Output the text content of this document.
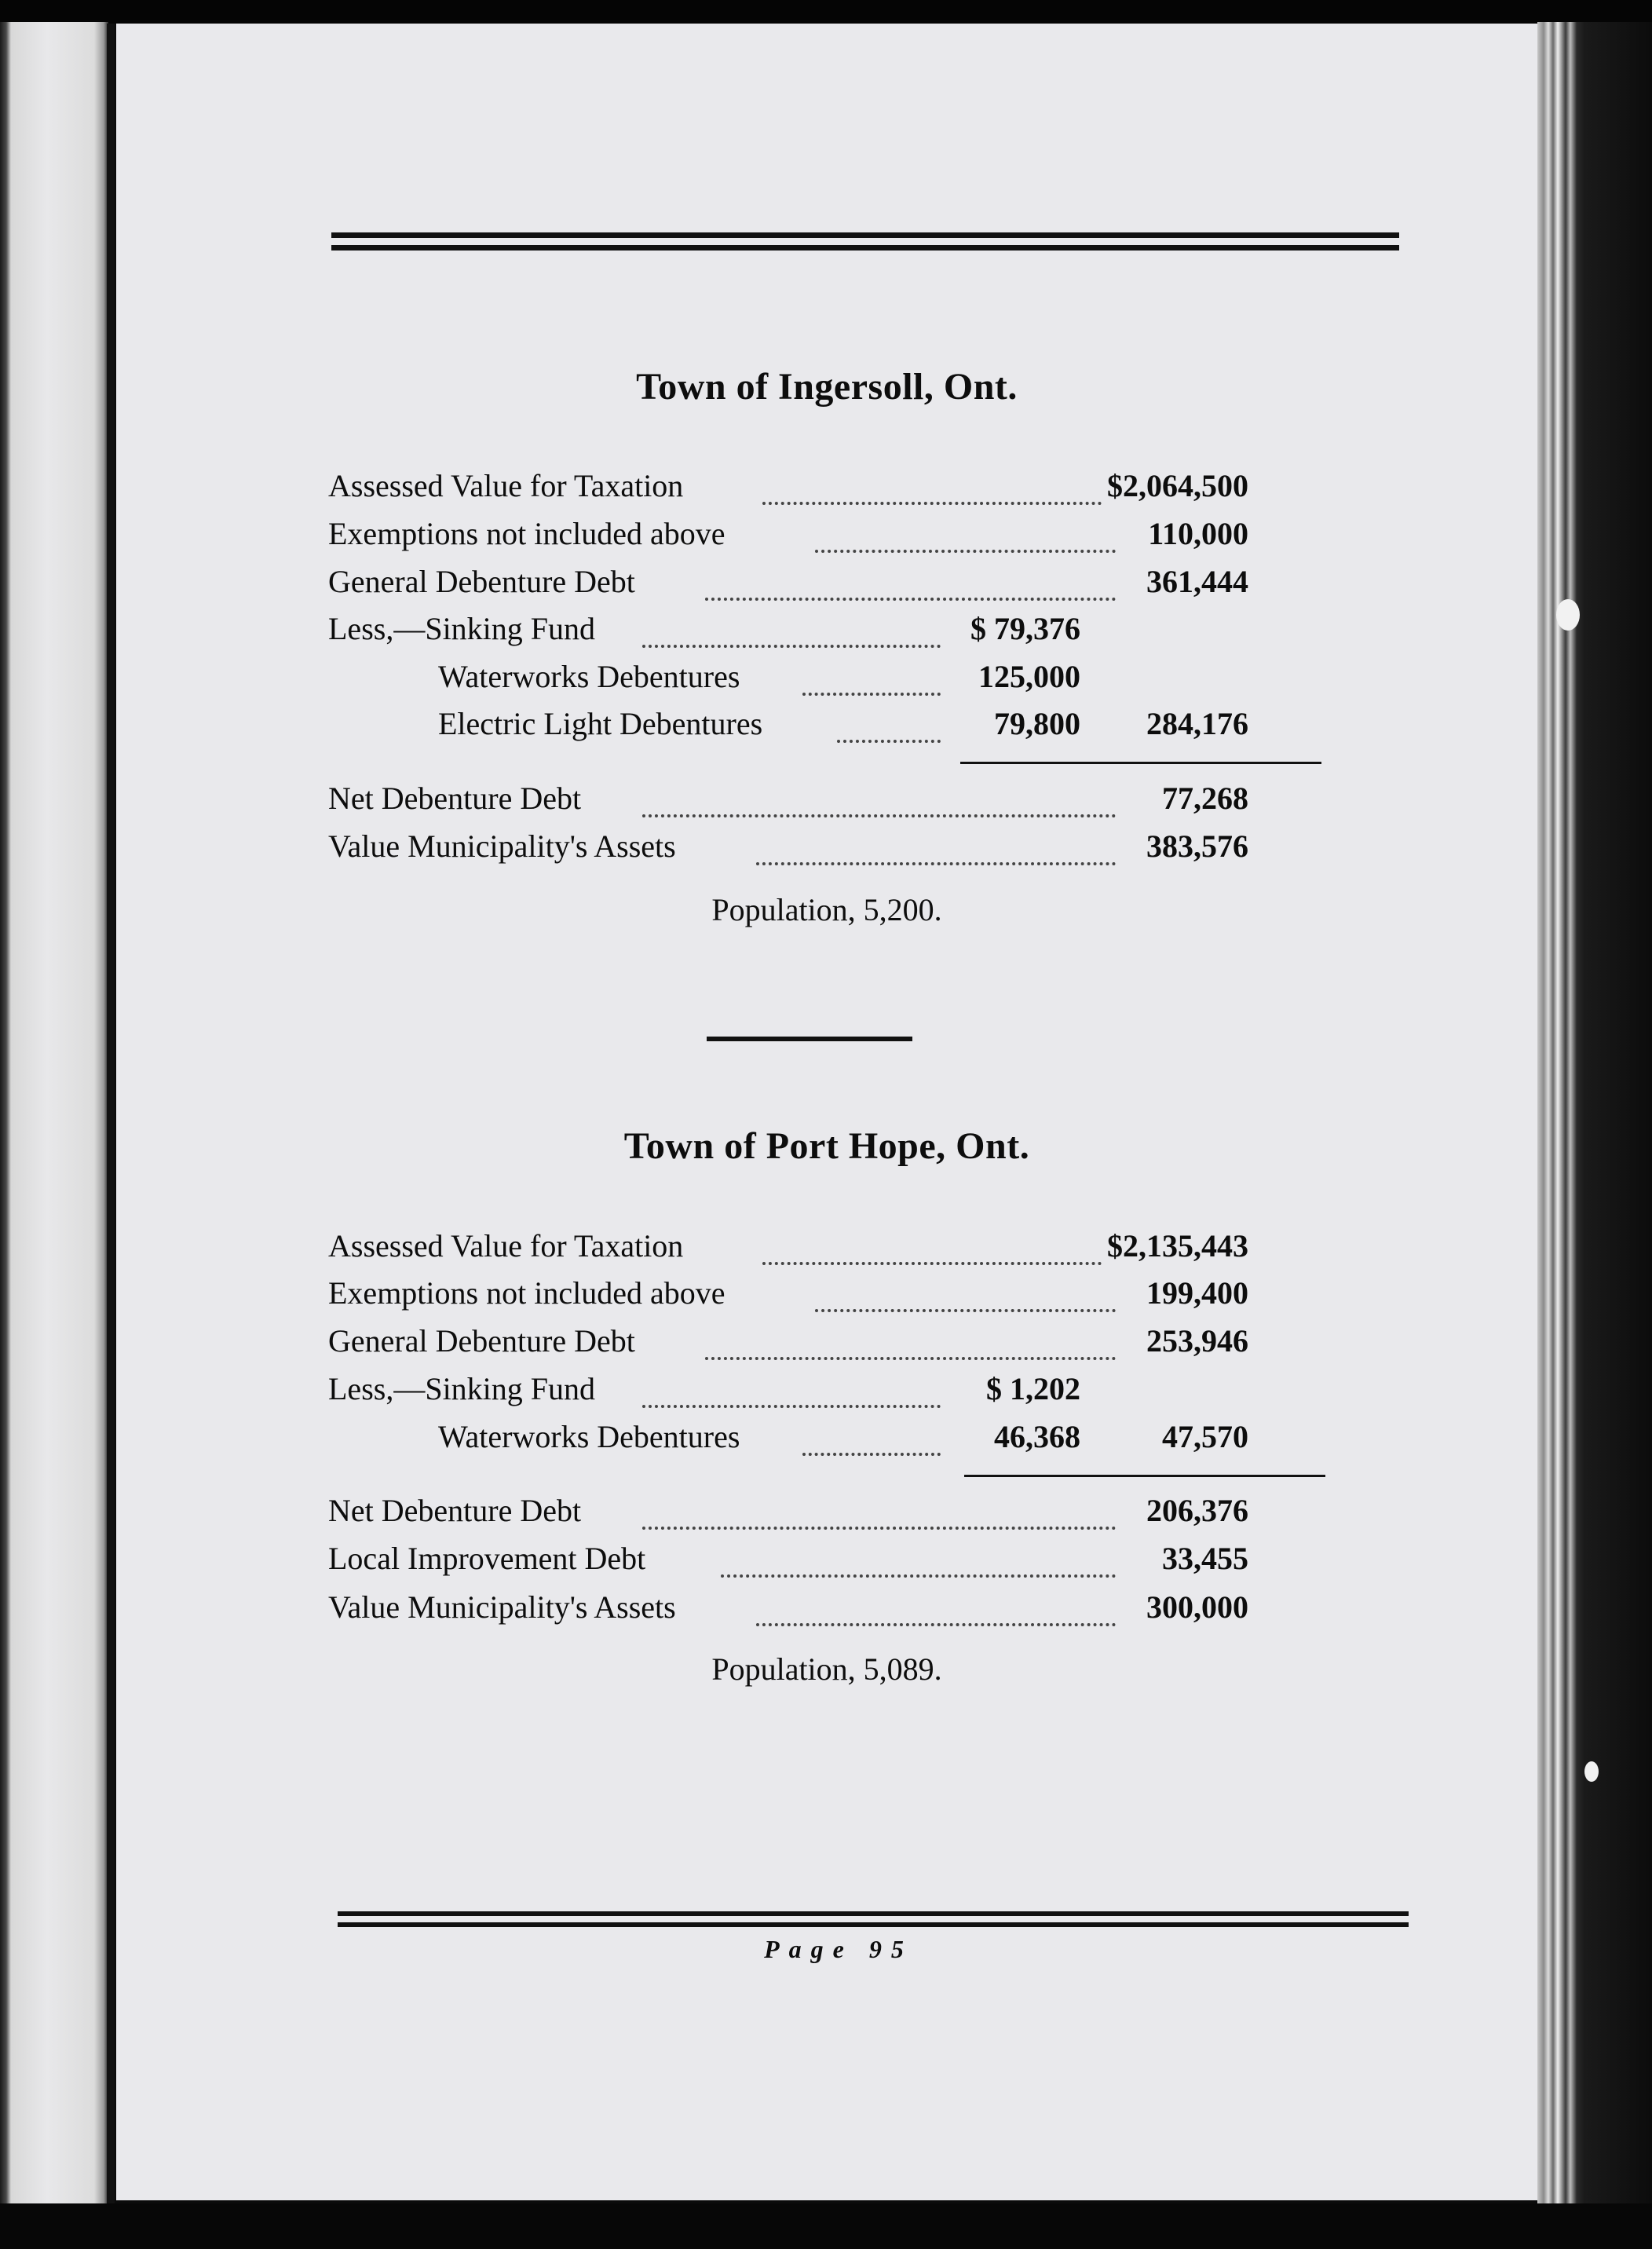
Town of Ingersoll, Ont.
Assessed Value for Taxation	$2,064,500
Exemptions not included above	110,000
General Debenture Debt	361,444
Less,—Sinking Fund	$ 79,376
Waterworks Debentures	125,000
Electric Light Debentures	79,800 284,176
Net Debenture Debt	77,268
Value Municipality's Assets	383,576
Population, 5,200.
Town of Port Hope, Ont.
Assessed Value for Taxation	$2,135,443
Exemptions not included above	199,400
General Debenture Debt	253,946
Less,—Sinking Fund	$ 1,202
Waterworks Debentures	46,368	47,570
Net Debenture Debt	206,376
Local Improvement Debt	33,455
Value Municipality's Assets	300,000
Population, 5,089.
Page 95
